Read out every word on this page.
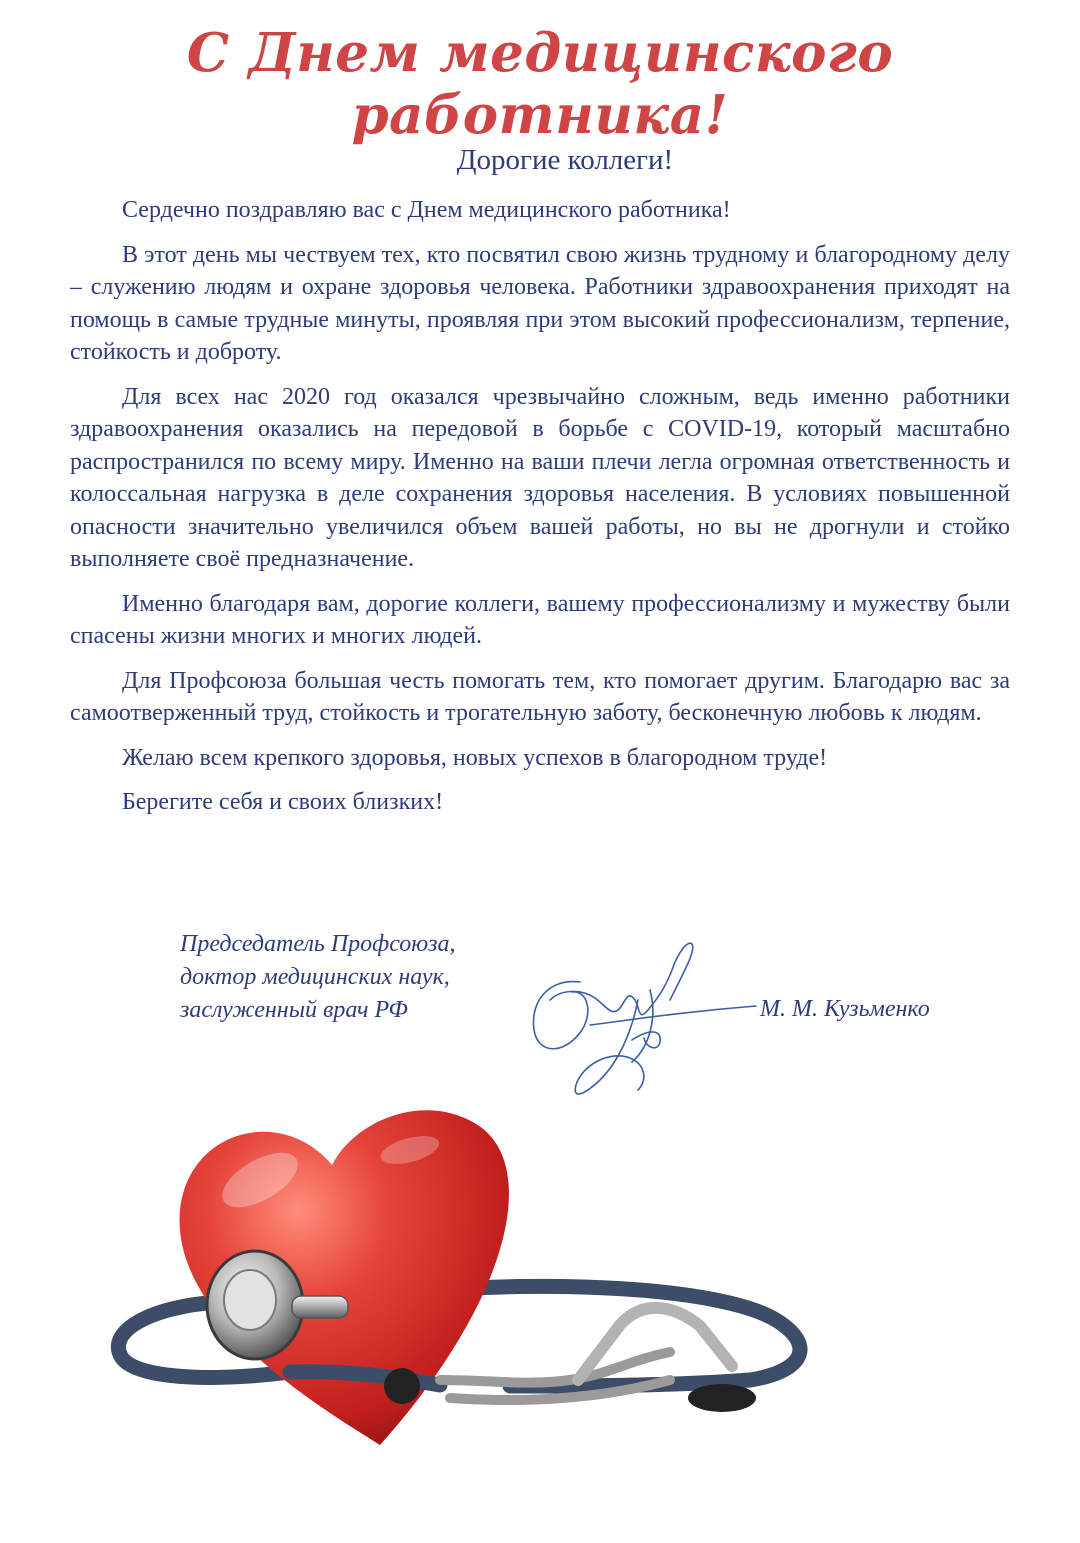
С Днем медицинского работника!
Дорогие коллеги!

Сердечно поздравляю вас с Днем медицинского работника!

В этот день мы чествуем тех, кто посвятил свою жизнь трудному и благородному делу – служению людям и охране здоровья человека. Работники здравоохранения приходят на помощь в самые трудные минуты, проявляя при этом высокий профессионализм, терпение, стойкость и доброту.

Для всех нас 2020 год оказался чрезвычайно сложным, ведь именно работники здравоохранения оказались на передовой в борьбе с COVID-19, который масштабно распространился по всему миру. Именно на ваши плечи легла огромная ответственность и колоссальная нагрузка в деле сохранения здоровья населения. В условиях повышенной опасности значительно увеличился объем вашей работы, но вы не дрогнули и стойко выполняете своё предназначение.

Именно благодаря вам, дорогие коллеги, вашему профессионализму и мужеству были спасены жизни многих и многих людей.

Для Профсоюза большая честь помогать тем, кто помогает другим. Благодарю вас за самоотверженный труд, стойкость и трогательную заботу, бесконечную любовь к людям.

Желаю всем крепкого здоровья, новых успехов в благородном труде!

Берегите себя и своих близких!

Председатель Профсоюза,
доктор медицинских наук,
заслуженный врач РФ	М. М. Кузьменко
